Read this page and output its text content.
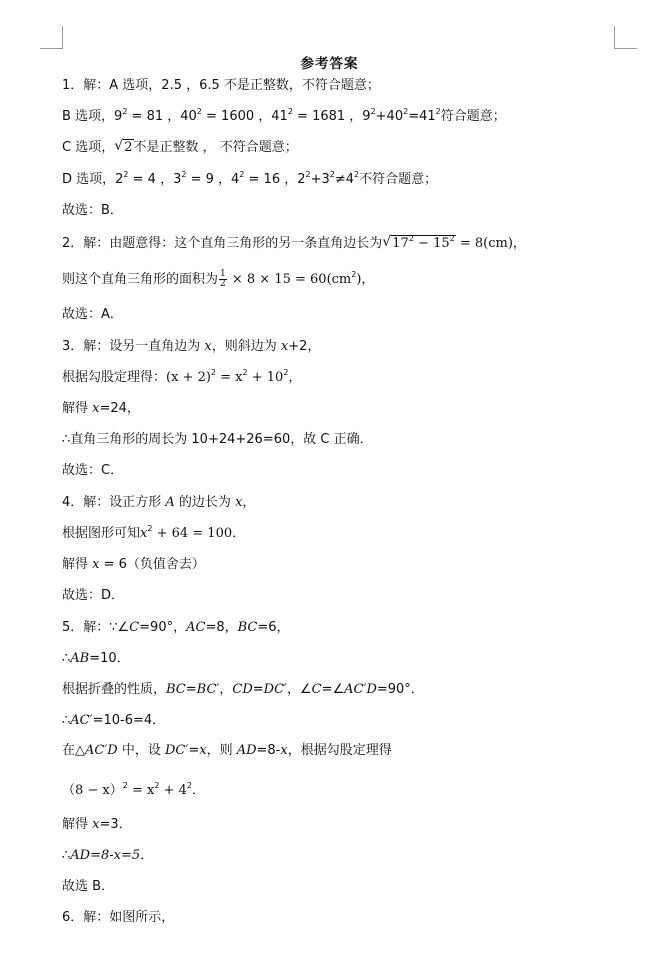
参考答案
1．解：A 选项，2.5 ，6.5 不是正整数，不符合题意；
B 选项，$9^2 = 81$ ，$40^2 = 1600$ ，$41^2 = 1681$ ，$9^2+40^2=41^2$符合题意；
C 选项， √ 2不是正整数 ， 不符合题意；
D 选项，$2^2 = 4$ ，$3^2 = 9$ ，$4^2 = 16$ ，$2^2+3^2\ne 4^2$不符合题意；
故选：B．
2．解：由题意得：这个直角三角形的另一条直角边长为 √ $17^2 - 15^2 = 8(cm)$，
则这个直角三角形的面积为 $\frac{1}{2} \times 8 \times 15 = 60(cm^2)$，
故选：A．
3．解：设另一直角边为 x，则斜边为 x+2，
根据勾股定理得：$(x + 2)^2 = x^2 + 10^2$，
解得 x=24，
∴直角三角形的周长为 10+24+26=60，故 C 正确．
故选：C．
4．解：设正方形 A 的边长为 x，
根据图形可知$x^2 + 64 = 100$．
解得 x = 6（负值舍去）
故选：D．
5．解：∵∠C=90°，AC=8，BC=6，
∴AB=10．
根据折叠的性质，BC=BC′，CD=DC′，∠C=∠AC′D=90°．
∴AC′=10-6=4．
在△AC′D 中，设 DC′=x，则 AD=8-x，根据勾股定理得
$(8 - x)^2 = x^2 + 4^2$．
解得 x=3．
∴AD=8-x=5．
故选 B．
6．解：如图所示，
